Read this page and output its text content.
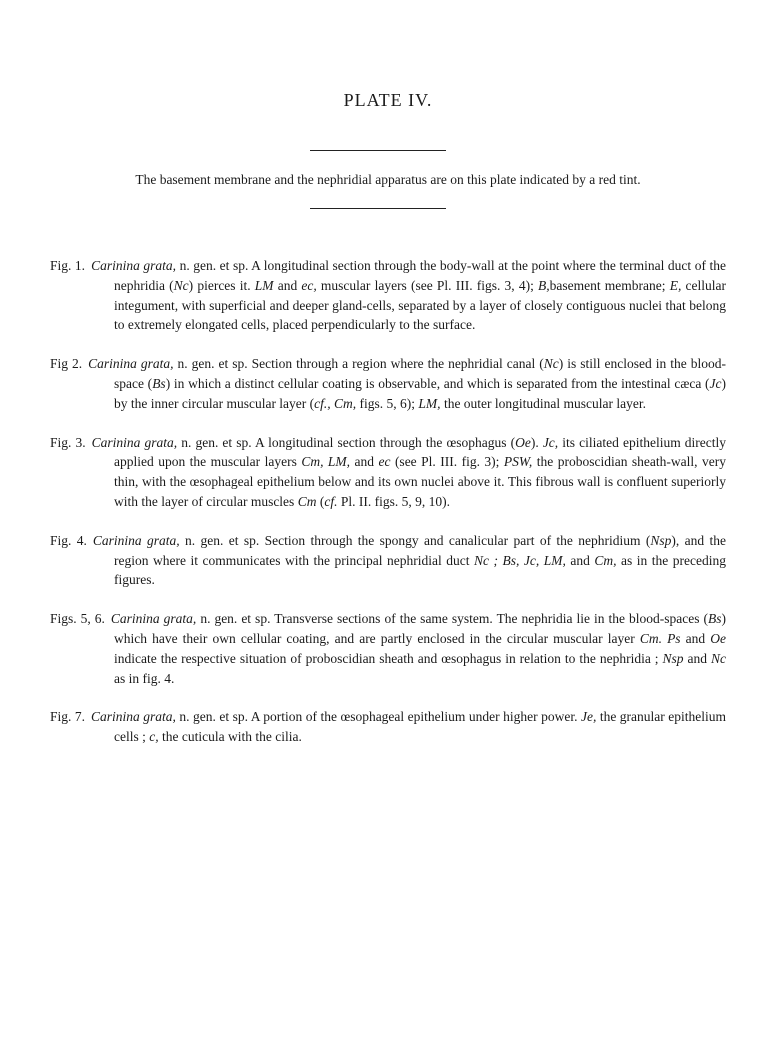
PLATE IV.
The basement membrane and the nephridial apparatus are on this plate indicated by a red tint.

Fig. 1. Carinina grata, n. gen. et sp. A longitudinal section through the body-wall at the point where the terminal duct of the nephridia (Nc) pierces it. LM and ec, muscular layers (see Pl. III. figs. 3, 4); B,basement membrane; E, cellular integument, with superficial and deeper gland-cells, separated by a layer of closely contiguous nuclei that belong to extremely elongated cells, placed perpendicularly to the surface.

Fig 2. Carinina grata, n. gen. et sp. Section through a region where the nephridial canal (Nc) is still enclosed in the blood-space (Bs) in which a distinct cellular coating is observable, and which is separated from the intestinal cæca (Jc) by the inner circular muscular layer (cf., Cm, figs. 5, 6); LM, the outer longitudinal muscular layer.

Fig. 3. Carinina grata, n. gen. et sp. A longitudinal section through the œsophagus (Oe). Jc, its ciliated epithelium directly applied upon the muscular layers Cm, LM, and ec (see Pl. III. fig. 3); PSW, the proboscidian sheath-wall, very thin, with the œsophageal epithelium below and its own nuclei above it. This fibrous wall is confluent superiorly with the layer of circular muscles Cm (cf. Pl. II. figs. 5, 9, 10).

Fig. 4. Carinina grata, n. gen. et sp. Section through the spongy and canalicular part of the nephridium (Nsp), and the region where it communicates with the principal nephridial duct Nc ; Bs, Jc, LM, and Cm, as in the preceding figures.

Figs. 5, 6. Carinina grata, n. gen. et sp. Transverse sections of the same system. The nephridia lie in the blood-spaces (Bs) which have their own cellular coating, and are partly enclosed in the circular muscular layer Cm. Ps and Oe indicate the respective situation of proboscidian sheath and œsophagus in relation to the nephridia ; Nsp and Nc as in fig. 4.

Fig. 7. Carinina grata, n. gen. et sp. A portion of the œsophageal epithelium under higher power. Je, the granular epithelium cells ; c, the cuticula with the cilia.
